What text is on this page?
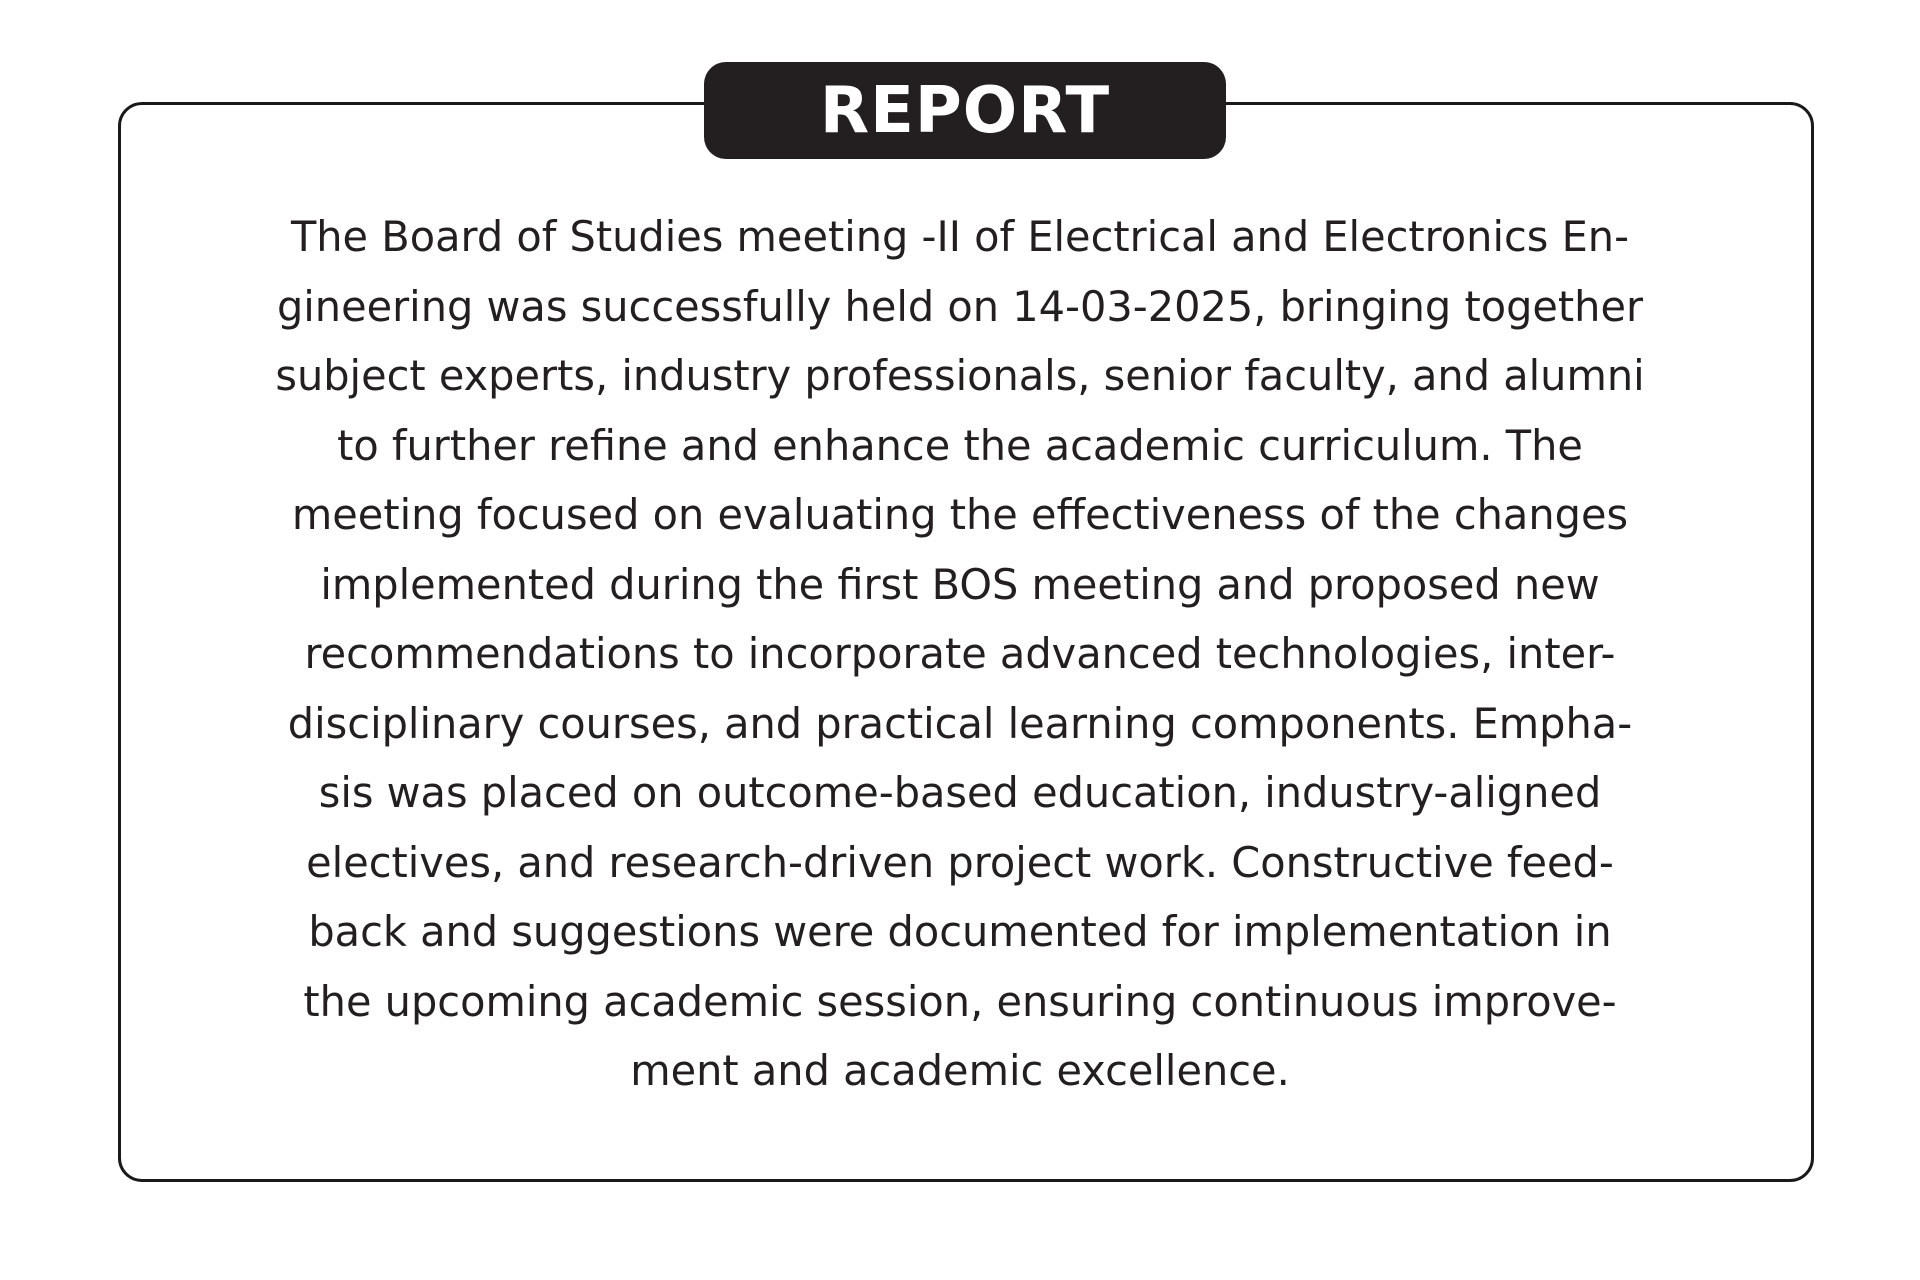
REPORT

The Board of Studies meeting -II of Electrical and Electronics En-
gineering was successfully held on 14-03-2025, bringing together
subject experts, industry professionals, senior faculty, and alumni
to further refine and enhance the academic curriculum. The
meeting focused on evaluating the effectiveness of the changes
implemented during the first BOS meeting and proposed new
recommendations to incorporate advanced technologies, inter-
disciplinary courses, and practical learning components. Empha-
sis was placed on outcome-based education, industry-aligned
electives, and research-driven project work. Constructive feed-
back and suggestions were documented for implementation in
the upcoming academic session, ensuring continuous improve-
ment and academic excellence.
